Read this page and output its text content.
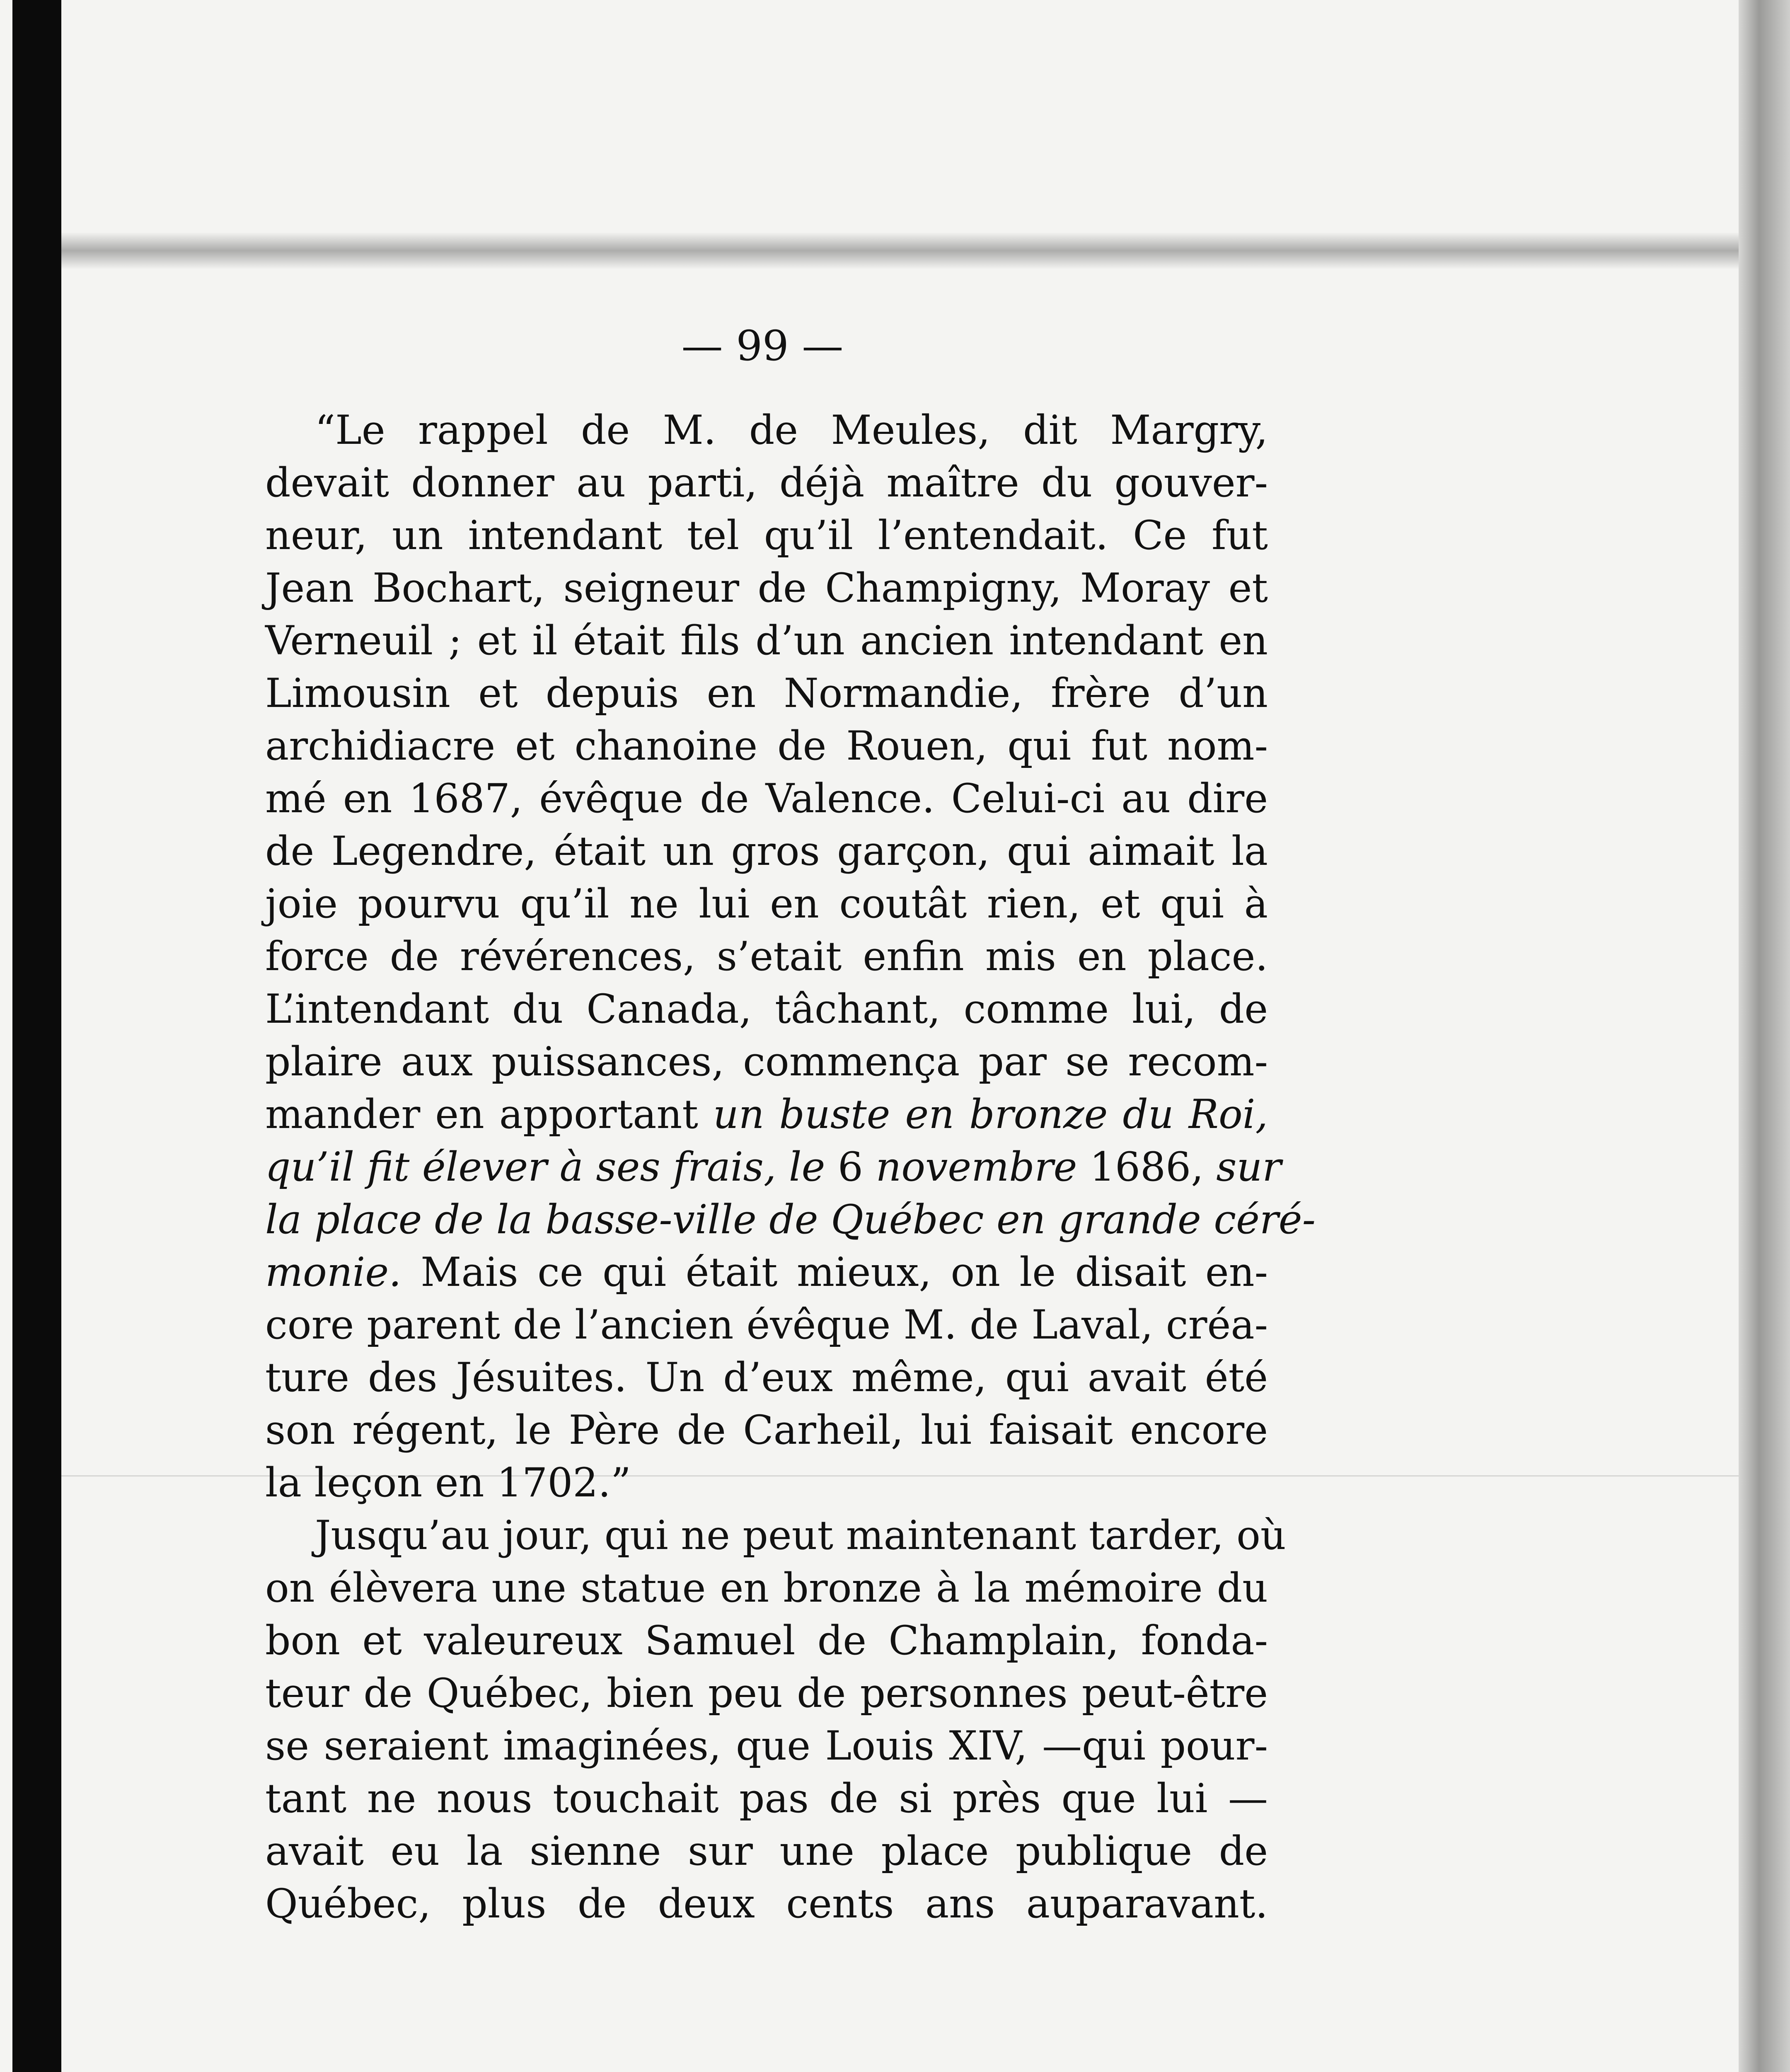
— 99 —
“Le rappel de M. de Meules, dit Margry,
devait donner au parti, déjà maître du gouver-
neur, un intendant tel qu’il l’entendait. Ce fut
Jean Bochart, seigneur de Champigny, Moray et
Verneuil ; et il était fils d’un ancien intendant en
Limousin et depuis en Normandie, frère d’un
archidiacre et chanoine de Rouen, qui fut nom-
mé en 1687, évêque de Valence. Celui-ci au dire
de Legendre, était un gros garçon, qui aimait la
joie pourvu qu’il ne lui en coutât rien, et qui à
force de révérences, s’etait enfin mis en place.
L’intendant du Canada, tâchant, comme lui, de
plaire aux puissances, commença par se recom-
mander en apportant un buste en bronze du Roi,
qu’il fit élever à ses frais, le 6 novembre 1686, sur
la place de la basse-ville de Québec en grande céré-
monie. Mais ce qui était mieux, on le disait en-
core parent de l’ancien évêque M. de Laval, créa-
ture des Jésuites. Un d’eux même, qui avait été
son régent, le Père de Carheil, lui faisait encore
la leçon en 1702.”
Jusqu’au jour, qui ne peut maintenant tarder, où
on élèvera une statue en bronze à la mémoire du
bon et valeureux Samuel de Champlain, fonda-
teur de Québec, bien peu de personnes peut-être
se seraient imaginées, que Louis XIV, —qui pour-
tant ne nous touchait pas de si près que lui —
avait eu la sienne sur une place publique de
Québec, plus de deux cents ans auparavant.
